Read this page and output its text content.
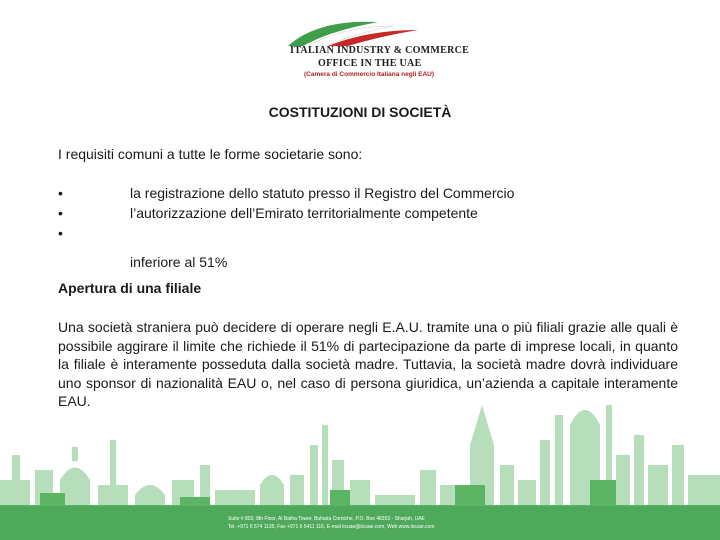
ITALIAN INDUSTRY & COMMERCE
OFFICE IN THE UAE
(Camera di Commercio Italiana negli EAU)
COSTITUZIONI DI SOCIETÀ
I requisiti comuni a tutte le forme societarie sono:
•	la registrazione dello statuto presso il Registro del Commercio
•	l’autorizzazione dell’Emirato territorialmente competente
•
inferiore al 51%
Apertura di una filiale
Una società straniera può decidere di operare negli E.A.U. tramite una o più filiali grazie alle quali è possibile aggirare il limite che richiede il 51% di partecipazione da parte di imprese locali, in quanto la filiale è interamente posseduta dalla società madre. Tuttavia, la società madre dovrà individuare uno sponsor di nazionalità EAU o, nel caso di persona giuridica, un’azienda a capitale interamente EAU.
Suite # 803, 8th Floor, Al Batha Tower, Buhaira Corniche, P.O. Box 48353 - Sharjah, UAE
Tel. +971 6 574 1135, Fax +971 6 5411 116, E-mail iicuae@iicuae.com, Web www.iicuae.com
